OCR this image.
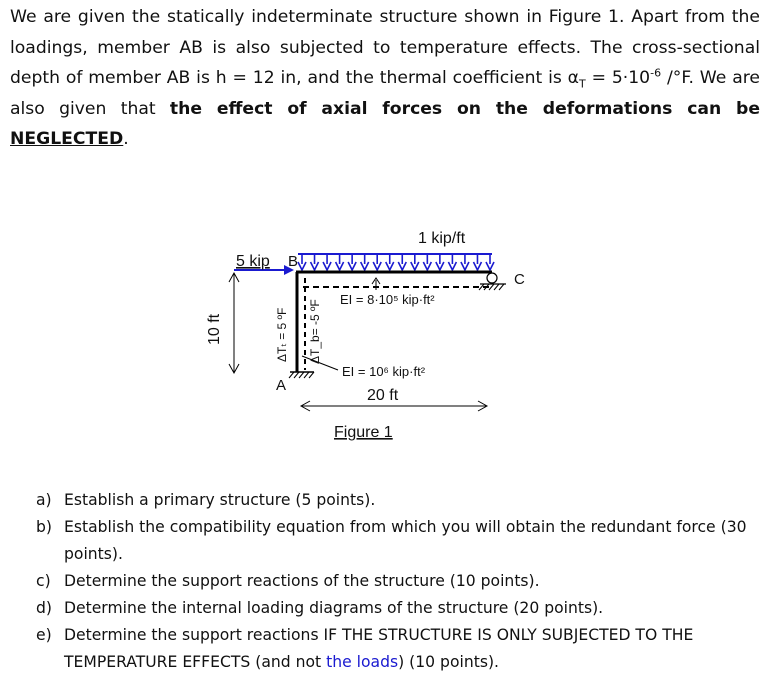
We are given the statically indeterminate structure shown in Figure 1. Apart from the loadings, member AB is also subjected to temperature effects. The cross-sectional depth of member AB is h = 12 in, and the thermal coefficient is $\alpha_T = 5\cdot 10^{-6}$ /°F. We are also given that the effect of axial forces on the deformations can be NEGLECTED.

1 kip/ft
5 kip B
A
C
EI = 8·10⁵ kip·ft²
EI = 10⁶ kip·ft²
ΔTₜ = 5 ºF ΔT_b= -5 ºF
20 ft
10 ft
Figure 1
a) Establish a primary structure (5 points).
b) Establish the compatibility equation from which you will obtain the redundant force (30 points).
c) Determine the support reactions of the structure (10 points).
d) Determine the internal loading diagrams of the structure (20 points).
e) Determine the support reactions IF THE STRUCTURE IS ONLY SUBJECTED TO THE TEMPERATURE EFFECTS (and not the loads) (10 points).
